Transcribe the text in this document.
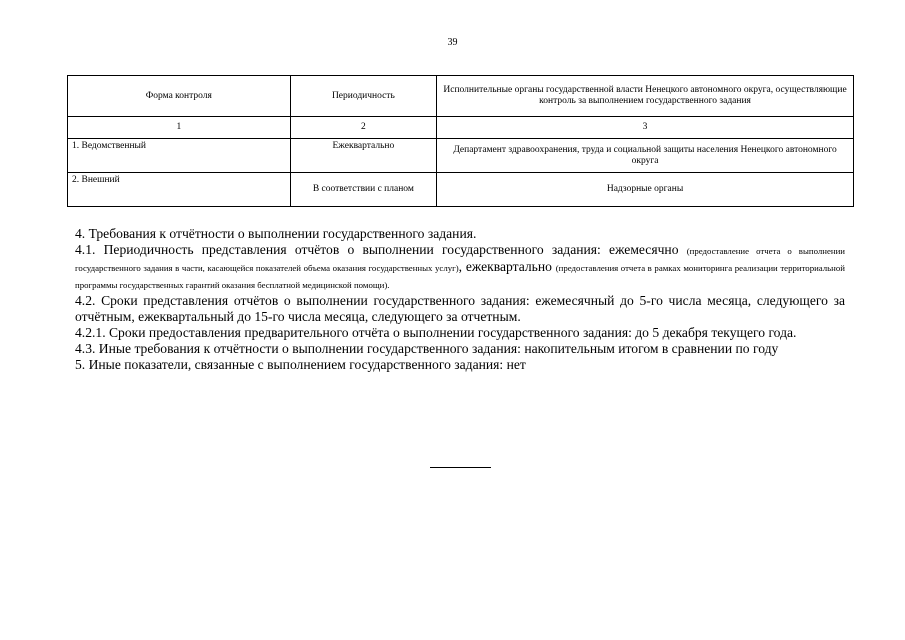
39
Форма контроля	Периодичность	Исполнительные органы государственной власти Ненецкого автономного округа, осуществляющие контроль за выполнением государственного задания
1	2	3
1. Ведомственный	Ежеквартально	Департамент здравоохранения, труда и социальной защиты населения Ненецкого автономного округа
2. Внешний	В соответствии с планом	Надзорные органы

4. Требования к отчётности о выполнении государственного задания.

4.1. Периодичность представления отчётов о выполнении государственного задания: ежемесячно (предоставление отчета о выполнении государственного задания в части, касающейся показателей объема оказания государственных услуг), ежеквартально (предоставления отчета в рамках мониторинга реализации территориальной программы государственных гарантий оказания бесплатной медицинской помощи).

4.2. Сроки представления отчётов о выполнении государственного задания: ежемесячный до 5-го числа месяца, следующего за отчётным, ежеквартальный до 15-го числа месяца, следующего за отчетным.

4.2.1. Сроки предоставления предварительного отчёта о выполнении государственного задания: до 5 декабря текущего года.

4.3. Иные требования к отчётности о выполнении государственного задания: накопительным итогом в сравнении по году

5. Иные показатели, связанные с выполнением государственного задания: нет
